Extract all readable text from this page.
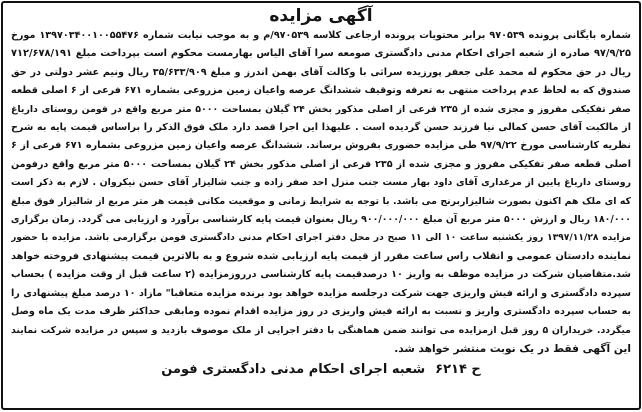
آگهی مزایده
شماره بایگانی پرونده ۹۷۰۵۳۹ برابر محتویات پرونده ارجاعی کلاسه ۹۷۰۵۳۹/م و به موجب نیابت شماره ۱۳۹۷۰۳۴۰۰۱۰۰۵۵۴۷۶ مورخ
۹۷/۹/۲۵ صادره از شعبه اجرای احکام مدنی دادگستری صومعه سرا آقای الیاس بهارمست محکوم است بپرداخت مبلغ ۷۱۲/۶۷۸/۱۹۱
ریال در حق محکوم له محمد علی جعفر پورزیده سراثی با وکالت آقای بهمن اندرز و مبلغ ۳۵/۶۳۳/۹۰۹ ریال ونیم عشر دولتی در حق
صندوق که به لحاظ عدم پرداخت منتهی به تعرفه وتوقیف ششدانگ عرصه واعیان زمین مزروعی بشماره ۶۷۱ فرعی از ۶ اصلی قطعه
صفر تفکیکی مفروز و مجزی شده از ۲۳۵ فرعی از اصلی مذکور بخش ۲۴ گیلان بمساحت ۵۰۰۰ متر مربع واقع در فومن روستای داریاغ
از مالکیت آقای حسن کمالی نیا فرزند حسن گردیده است . علیهذا این اجرا قصد دارد ملک فوق الذکر را براساس قیمت پایه به شرح
نظریه کارشناسی مورخ ۹۷/۹/۲۲ طی مزایده حضوری بفروش برساند. ششدانگ عرصه واعیان زمین مزروعی بشماره ۶۷۱ فرعی از ۶
اصلی قطعه صفر تفکیکی مفروز و مجزی شده از ۲۳۵ فرعی از اصلی مذکور بخش ۲۴ گیلان بمساحت ۵۰۰۰ متر مربع واقع درفومن
روستای داریاغ پایین از مرغداری آقای داود بهار مست جنب منزل احد صفر زاده و جنب شالیزار آقای حسن نیکروان . لازم به ذکر است
که ای ملک هم اکنون بصورت شالیزاربرنج می باشد. با توجه به شرایط زمانی و موقعیت مکانی قیمت هر متر مربع از شالیزار فوق مبلغ
۱۸۰/۰۰۰ ریال و ارزش ۵۰۰۰ متر مربع آن مبلغ ۹۰۰/۰۰۰/۰۰۰ ریال بعنوان قیمت پایه کارشناسی برآورد و ارزیابی می گردد. زمان برگزاری
مزایده ۱۳۹۷/۱۱/۲۸ روز یکشنبه ساعت ۱۰ الی ۱۱ صبح در محل دفتر اجرای احکام مدنی دادگستری فومن برگزارمی باشد. مزایده با حضور
نماینده دادستان عمومی و انقلاب راس ساعت مقرر از قیمت پایه ارزیابی شده شروع و به بالاترین قیمت پیشنهادی فروخته خواهد
شد.متقاضیان شرکت در مزایده موظف به واریز ۱۰ درصدقیمت پایه کارشناسی درروزمزایده (۲ ساعت قبل از وقت مزایده ) بحساب
سپرده دادگستری و ارائه فیش واریزی جهت شرکت درجلسه مزایده خواهد بود برنده مزایده متعاقبا" مازاد ۱۰ درصد مبلغ پیشنهادی را
به حساب سپرده دادگستری واریز و نسبت به ارائه فیش واریزی در روز مزایده اقدام نموده ومابقی حداکثر ظرف مدت یک ماه وصل
میگردد. خریداران ۵ روز قبل ازمزایده می توانند ضمن هماهنگی با دفتر اجرایی از ملک موصوف بازدید و سپس در مزایده شرکت نمایند
این آگهی فقط در یک نوبت منتشر خواهد شد.
ح ۶۲۱۴
شعبه اجرای احکام مدنی دادگستری فومن
